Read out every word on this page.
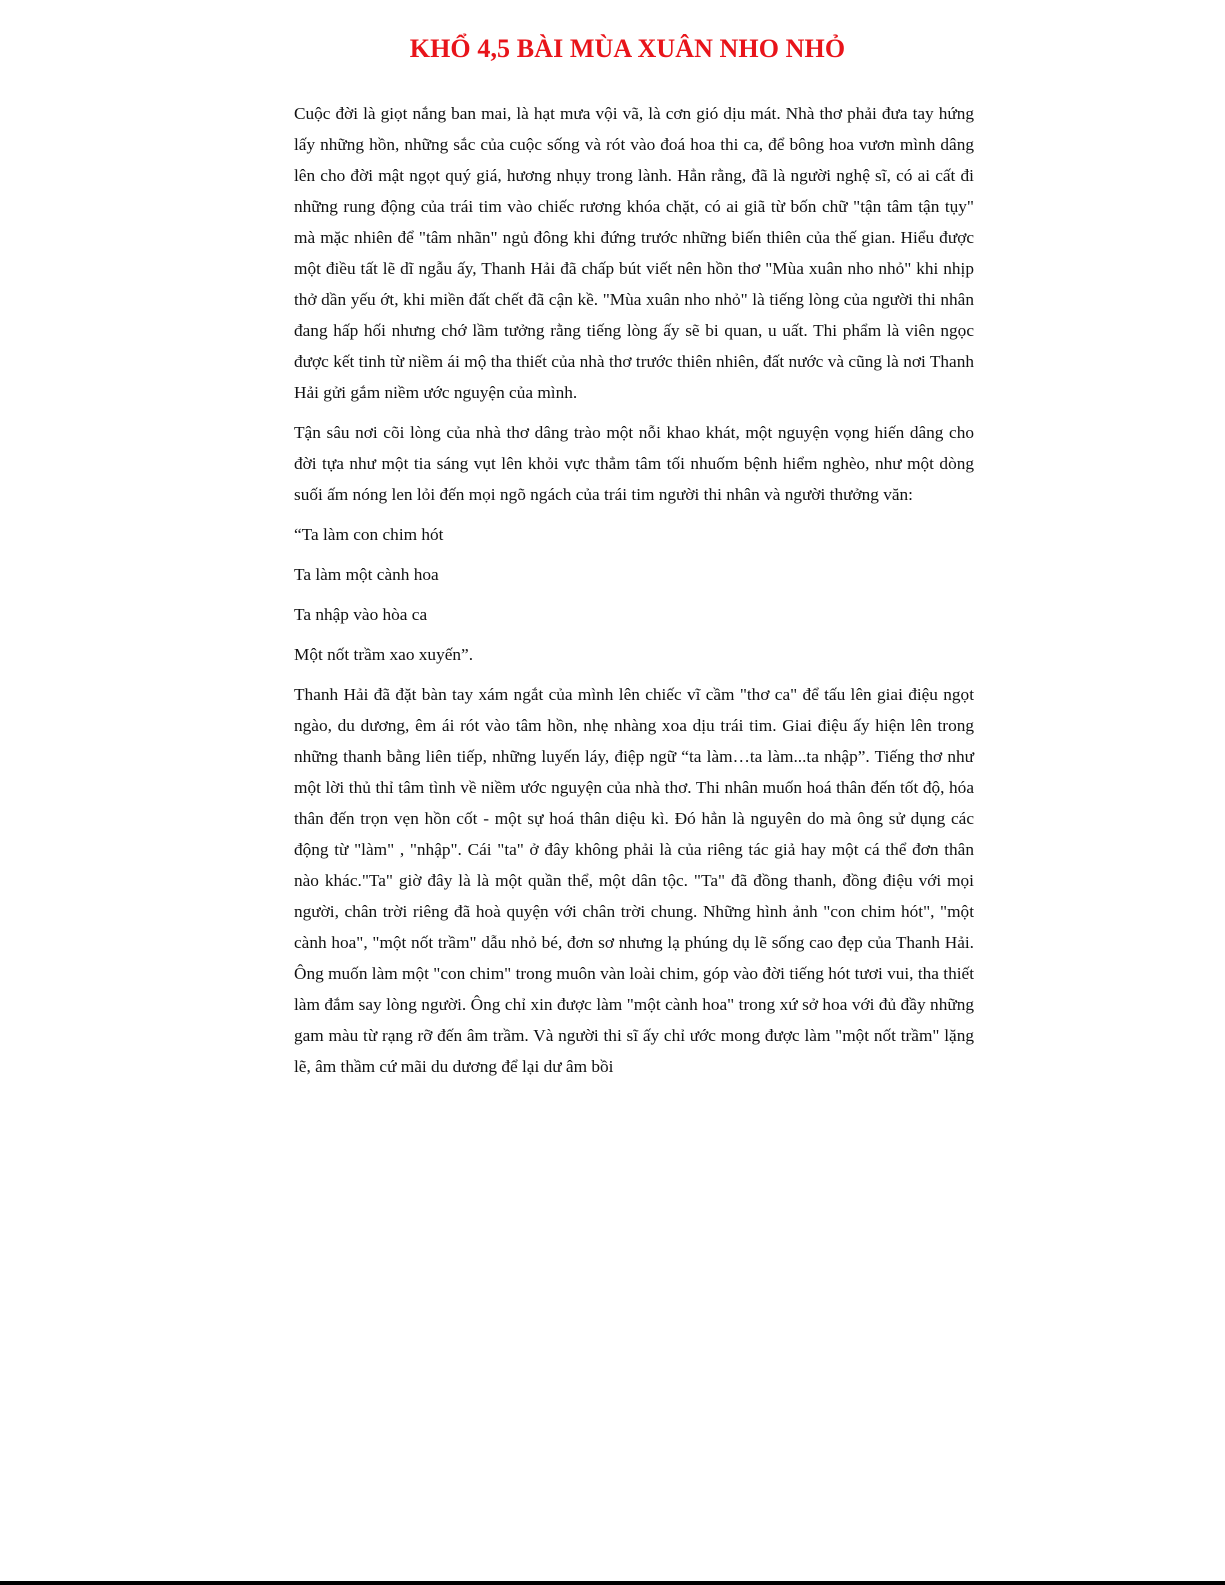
KHỔ 4,5 BÀI MÙA XUÂN NHO NHỎ

Cuộc đời là giọt nắng ban mai, là hạt mưa vội vã, là cơn gió dịu mát. Nhà thơ phải đưa tay hứng lấy những hồn, những sắc của cuộc sống và rót vào đoá hoa thi ca, để bông hoa vươn mình dâng lên cho đời mật ngọt quý giá, hương nhụy trong lành. Hẳn rằng, đã là người nghệ sĩ, có ai cất đi những rung động của trái tim vào chiếc rương khóa chặt, có ai giã từ bốn chữ "tận tâm tận tụy" mà mặc nhiên để "tâm nhãn" ngủ đông khi đứng trước những biến thiên của thế gian. Hiểu được một điều tất lẽ dĩ ngẫu ấy, Thanh Hải đã chấp bút viết nên hồn thơ "Mùa xuân nho nhỏ" khi nhịp thở dần yếu ớt, khi miền đất chết đã cận kề. "Mùa xuân nho nhỏ" là tiếng lòng của người thi nhân đang hấp hối nhưng chớ lầm tưởng rằng tiếng lòng ấy sẽ bi quan, u uất. Thi phẩm là viên ngọc được kết tinh từ niềm ái mộ tha thiết của nhà thơ trước thiên nhiên, đất nước và cũng là nơi Thanh Hải gửi gắm niềm ước nguyện của mình.

Tận sâu nơi cõi lòng của nhà thơ dâng trào một nỗi khao khát, một nguyện vọng hiến dâng cho đời tựa như một tia sáng vụt lên khỏi vực thẳm tâm tối nhuốm bệnh hiểm nghèo, như một dòng suối ấm nóng len lỏi đến mọi ngõ ngách của trái tim người thi nhân và người thưởng văn:

“Ta làm con chim hót

Ta làm một cành hoa

Ta nhập vào hòa ca

Một nốt trầm xao xuyến”.

Thanh Hải đã đặt bàn tay xám ngắt của mình lên chiếc vĩ cầm "thơ ca" để tấu lên giai điệu ngọt ngào, du dương, êm ái rót vào tâm hồn, nhẹ nhàng xoa dịu trái tim. Giai điệu ấy hiện lên trong những thanh bằng liên tiếp, những luyến láy, điệp ngữ “ta làm…ta làm...ta nhập”. Tiếng thơ như một lời thủ thỉ tâm tình về niềm ước nguyện của nhà thơ. Thi nhân muốn hoá thân đến tốt độ, hóa thân đến trọn vẹn hồn cốt - một sự hoá thân diệu kì. Đó hẳn là nguyên do mà ông sử dụng các động từ "làm" , "nhập". Cái "ta" ở đây không phải là của riêng tác giả hay một cá thể đơn thân nào khác."Ta" giờ đây là là một quần thể, một dân tộc. "Ta" đã đồng thanh, đồng điệu với mọi người, chân trời riêng đã hoà quyện với chân trời chung. Những hình ảnh "con chim hót", "một cành hoa", "một nốt trầm" dẫu nhỏ bé, đơn sơ nhưng lạ phúng dụ lẽ sống cao đẹp của Thanh Hải. Ông muốn làm một "con chim" trong muôn vàn loài chim, góp vào đời tiếng hót tươi vui, tha thiết làm đắm say lòng người. Ông chỉ xin được làm "một cành hoa" trong xứ sở hoa với đủ đầy những gam màu từ rạng rỡ đến âm trầm. Và người thi sĩ ấy chỉ ước mong được làm "một nốt trầm" lặng lẽ, âm thầm cứ mãi du dương để lại dư âm bồi
